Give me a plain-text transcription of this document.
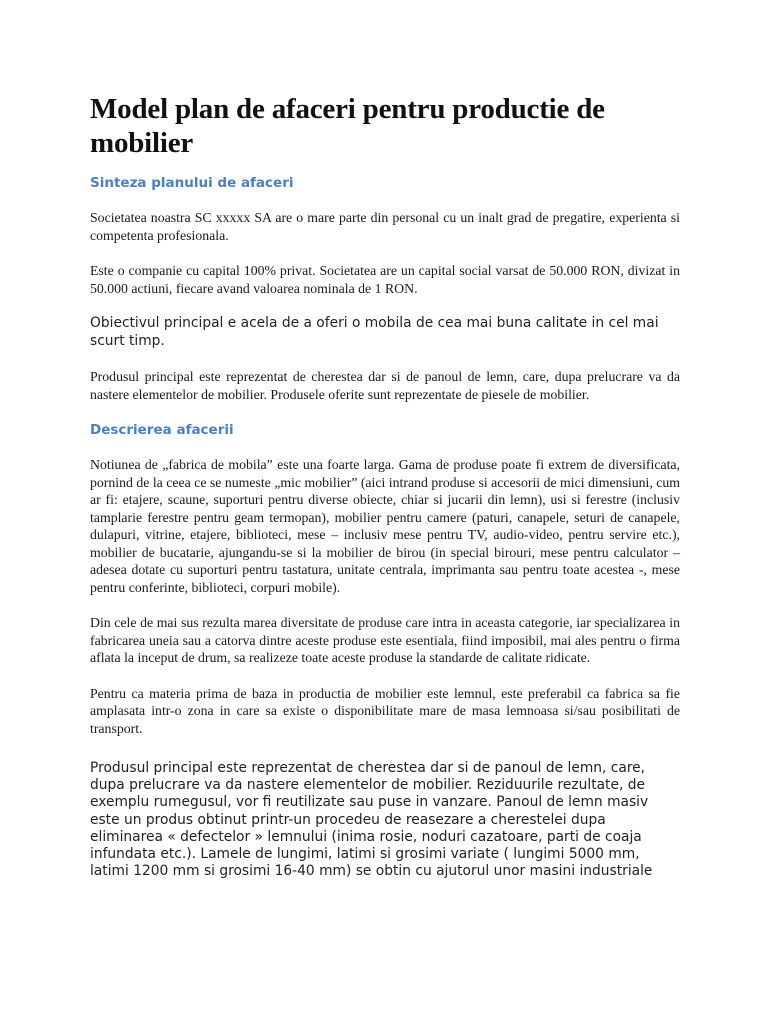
Model plan de afaceri pentru productie de mobilier
Sinteza planului de afaceri

Societatea noastra SC xxxxx SA are o mare parte din personal cu un inalt grad de pregatire, experienta si competenta profesionala.

Este o companie cu capital 100% privat. Societatea are un capital social varsat de 50.000 RON, divizat in 50.000 actiuni, fiecare avand valoarea nominala de 1 RON.

Obiectivul principal e acela de a oferi o mobila de cea mai buna calitate in cel mai scurt timp.

Produsul principal este reprezentat de cherestea dar si de panoul de lemn, care, dupa prelucrare va da nastere elementelor de mobilier. Produsele oferite sunt reprezentate de piesele de mobilier.

Descrierea afacerii

Notiunea de „fabrica de mobila” este una foarte larga. Gama de produse poate fi extrem de diversificata, pornind de la ceea ce se numeste „mic mobilier” (aici intrand produse si accesorii de mici dimensiuni, cum ar fi: etajere, scaune, suporturi pentru diverse obiecte, chiar si jucarii din lemn), usi si ferestre (inclusiv tamplarie ferestre pentru geam termopan), mobilier pentru camere (paturi, canapele, seturi de canapele, dulapuri, vitrine, etajere, biblioteci, mese – inclusiv mese pentru TV, audio-video, pentru servire etc.), mobilier de bucatarie, ajungandu-se si la mobilier de birou (in special birouri, mese pentru calculator – adesea dotate cu suporturi pentru tastatura, unitate centrala, imprimanta sau pentru toate acestea -, mese pentru conferinte, biblioteci, corpuri mobile).

Din cele de mai sus rezulta marea diversitate de produse care intra in aceasta categorie, iar specializarea in fabricarea uneia sau a catorva dintre aceste produse este esentiala, fiind imposibil, mai ales pentru o firma aflata la inceput de drum, sa realizeze toate aceste produse la standarde de calitate ridicate.

Pentru ca materia prima de baza in productia de mobilier este lemnul, este preferabil ca fabrica sa fie amplasata intr-o zona in care sa existe o disponibilitate mare de masa lemnoasa si/sau posibilitati de transport.

Produsul principal este reprezentat de cherestea dar si de panoul de lemn, care, dupa prelucrare va da nastere elementelor de mobilier. Reziduurile rezultate, de exemplu rumegusul, vor fi reutilizate sau puse in vanzare. Panoul de lemn masiv este un produs obtinut printr-un procedeu de reasezare a cherestelei dupa eliminarea « defectelor » lemnului (inima rosie, noduri cazatoare, parti de coaja infundata etc.). Lamele de lungimi, latimi si grosimi variate ( lungimi 5000 mm, latimi 1200 mm si grosimi 16-40 mm) se obtin cu ajutorul unor masini industriale
